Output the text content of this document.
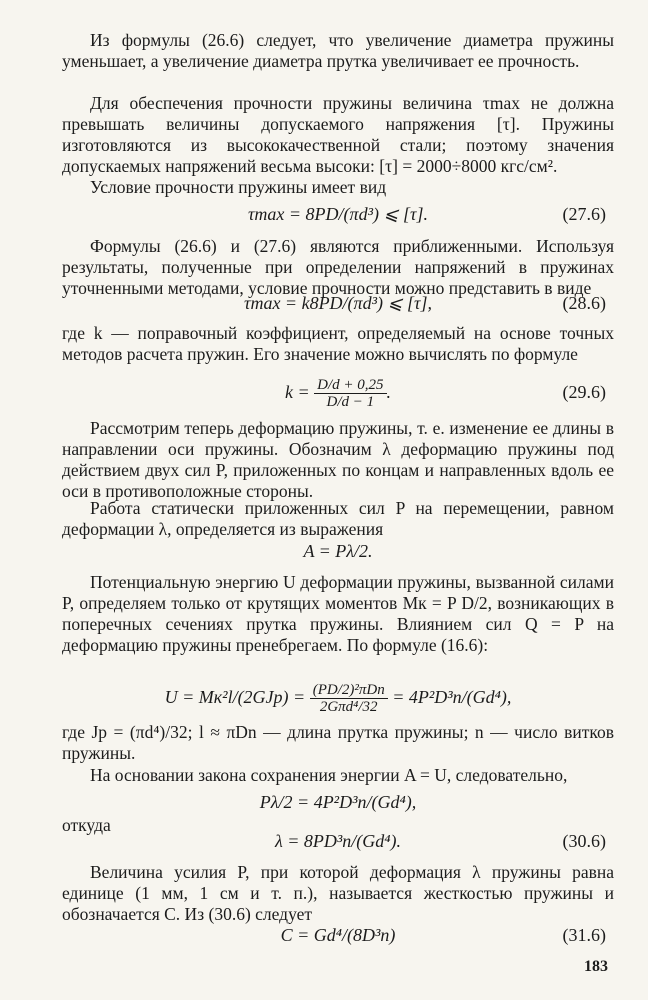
Из формулы (26.6) следует, что увеличение диаметра пружины уменьшает, а увеличение диаметра прутка увеличивает ее прочность.
Для обеспечения прочности пружины величина τmax не должна превышать величины допускаемого напряжения [τ]. Пружины изготовляются из высококачественной стали; поэтому значения допускаемых напряжений весьма высоки: [τ] = 2000÷8000 кгс/см².
Условие прочности пружины имеет вид
τmax = 8PD/(πd³) ⩽ [τ].	(27.6)
Формулы (26.6) и (27.6) являются приближенными. Используя результаты, полученные при определении напряжений в пружинах уточненными методами, условие прочности можно представить в виде
τmax = k8PD/(πd³) ⩽ [τ],	(28.6)
где k — поправочный коэффициент, определяемый на основе точных методов расчета пружин. Его значение можно вычислять по формуле
$k = \frac{D/d + 0,25}{D/d - 1}$ .	(29.6)
Рассмотрим теперь деформацию пружины, т. е. изменение ее длины в направлении оси пружины. Обозначим λ деформацию пружины под действием двух сил P, приложенных по концам и направленных вдоль ее оси в противоположные стороны.
Работа статически приложенных сил P на перемещении, равном деформации λ, определяется из выражения
A = Pλ/2.
Потенциальную энергию U деформации пружины, вызванной силами P, определяем только от крутящих моментов Mк = P D/2, возникающих в поперечных сечениях прутка пружины. Влиянием сил Q = P на деформацию пружины пренебрегаем. По формуле (16.6):
$U = Mк^2l/(2GJp) = \frac{\text{(PD/2)²πDn}}{\text{2Gπd⁴/32}} = 4P^2D^3n/(Gd^4)$,
где Jp = (πd⁴)/32; l ≈ πDn — длина прутка пружины; n — число витков пружины.
На основании закона сохранения энергии A = U, следовательно,
Pλ/2 = 4P²D³n/(Gd⁴),
откуда
λ = 8PD³n/(Gd⁴).	(30.6)
Величина усилия P, при которой деформация λ пружины равна единице (1 мм, 1 см и т. п.), называется жесткостью пружины и обозначается C. Из (30.6) следует
C = Gd⁴/(8D³n)	(31.6)
183
